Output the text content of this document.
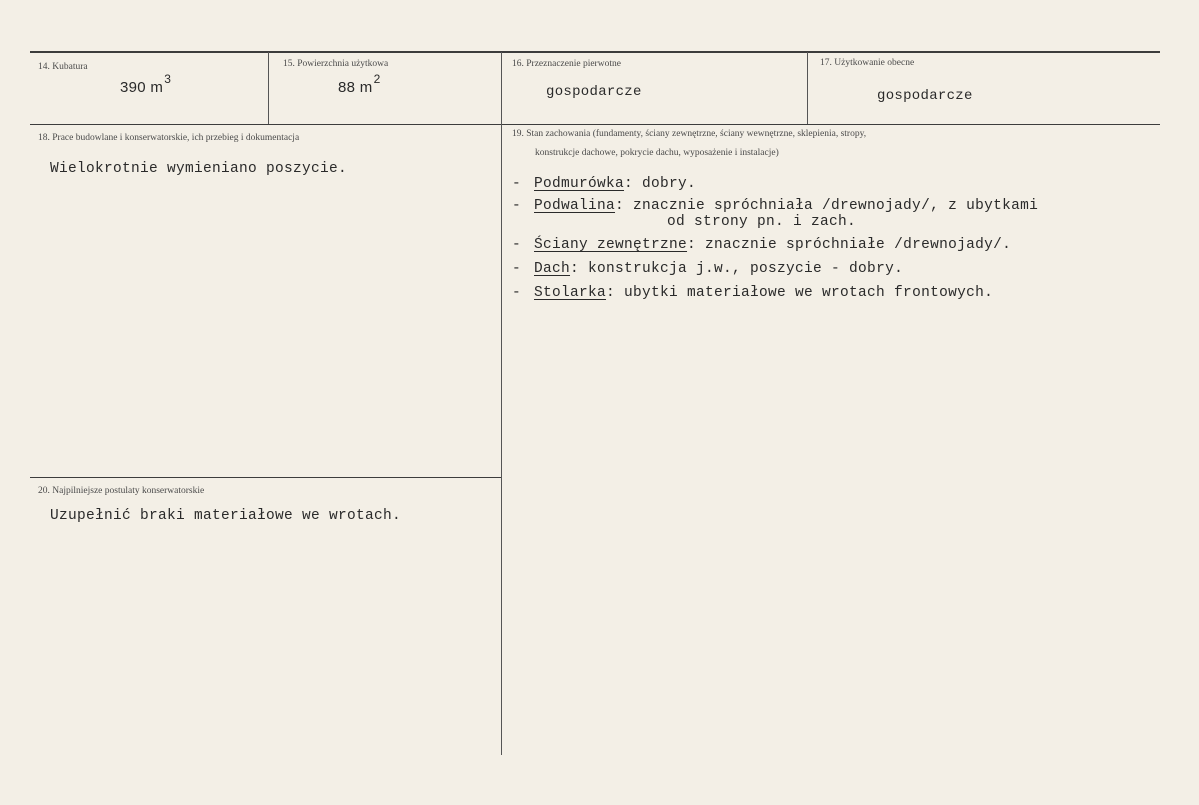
14. Kubatura
390 $m^3$
15. Powierzchnia użytkowa
88 $m^2$
16. Przeznaczenie pierwotne
gospodarcze
17. Użytkowanie obecne
gospodarcze
18. Prace budowlane i konserwatorskie, ich przebieg i dokumentacja
Wielokrotnie wymieniano poszycie.
19. Stan zachowania (fundamenty, ściany zewnętrzne, ściany wewnętrzne, sklepienia, stropy,
konstrukcje dachowe, pokrycie dachu, wyposażenie i instalacje)
- Podmurówka: dobry.
- Podwalina: znacznie spróchniała /drewnojady/, z ubytkami
od strony pn. i zach.
- Ściany zewnętrzne: znacznie spróchniałe /drewnojady/.
- Dach: konstrukcja j.w., poszycie - dobry.
- Stolarka: ubytki materiałowe we wrotach frontowych.
20. Najpilniejsze postulaty konserwatorskie
Uzupełnić braki materiałowe we wrotach.
